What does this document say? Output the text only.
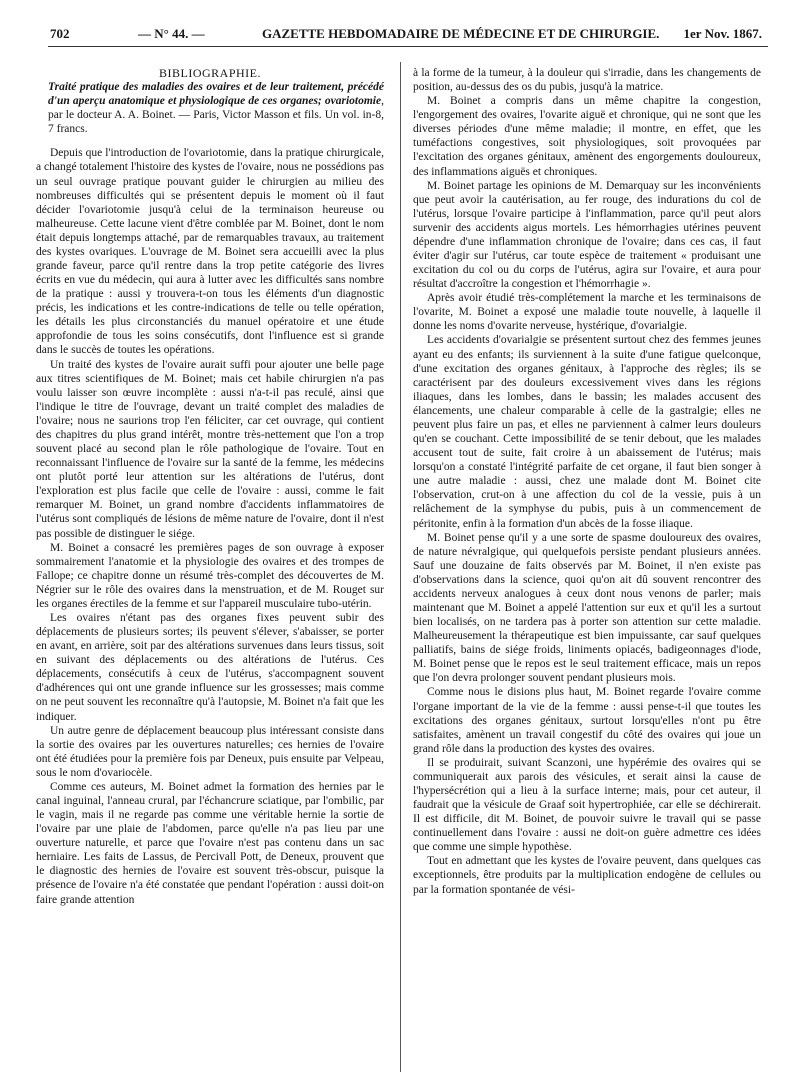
702	— N° 44. —	GAZETTE HEBDOMADAIRE DE MÉDECINE ET DE CHIRURGIE. 1er Nov. 1867.

BIBLIOGRAPHIE.

Traité pratique des maladies des ovaires et de leur traitement, précédé d'un aperçu anatomique et physiologique de ces organes; ovariotomie, par le docteur A. A. Boinet. — Paris, Victor Masson et fils. Un vol. in-8, 7 francs.

Depuis que l'introduction de l'ovariotomie, dans la pratique chirurgicale, a changé totalement l'histoire des kystes de l'ovaire, nous ne possédions pas un seul ouvrage pratique pouvant guider le chirurgien au milieu des nombreuses difficultés qui se présentent depuis le moment où il faut décider l'ovariotomie jusqu'à celui de la terminaison heureuse ou malheureuse. Cette lacune vient d'être comblée par M. Boinet, dont le nom était depuis longtemps attaché, par de remarquables travaux, au traitement des kystes ovariques. L'ouvrage de M. Boinet sera accueilli avec la plus grande faveur, parce qu'il rentre dans la trop petite catégorie des livres écrits en vue du médecin, qui aura à lutter avec les difficultés sans nombre de la pratique : aussi y trouvera-t-on tous les éléments d'un diagnostic précis, les indications et les contre-indications de telle ou telle opération, les détails les plus circonstanciés du manuel opératoire et une étude approfondie de tous les soins consécutifs, dont l'influence est si grande dans le succès de toutes les opérations.

Un traité des kystes de l'ovaire aurait suffi pour ajouter une belle page aux titres scientifiques de M. Boinet; mais cet habile chirurgien n'a pas voulu laisser son œuvre incomplète : aussi n'a-t-il pas reculé, ainsi que l'indique le titre de l'ouvrage, devant un traité complet des maladies de l'ovaire; nous ne saurions trop l'en féliciter, car cet ouvrage, qui contient des chapitres du plus grand intérêt, montre très-nettement que l'on a trop souvent placé au second plan le rôle pathologique de l'ovaire. Tout en reconnaissant l'influence de l'ovaire sur la santé de la femme, les médecins ont plutôt porté leur attention sur les altérations de l'utérus, dont l'exploration est plus facile que celle de l'ovaire : aussi, comme le fait remarquer M. Boinet, un grand nombre d'accidents inflammatoires de l'utérus sont compliqués de lésions de même nature de l'ovaire, dont il n'est pas possible de distinguer le siége.

M. Boinet a consacré les premières pages de son ouvrage à exposer sommairement l'anatomie et la physiologie des ovaires et des trompes de Fallope; ce chapitre donne un résumé très-complet des découvertes de M. Négrier sur le rôle des ovaires dans la menstruation, et de M. Rouget sur les organes érectiles de la femme et sur l'appareil musculaire tubo-utérin.

Les ovaires n'étant pas des organes fixes peuvent subir des déplacements de plusieurs sortes; ils peuvent s'élever, s'abaisser, se porter en avant, en arrière, soit par des altérations survenues dans leurs tissus, soit en suivant des déplacements ou des altérations de l'utérus. Ces déplacements, consécutifs à ceux de l'utérus, s'accompagnent souvent d'adhérences qui ont une grande influence sur les grossesses; mais comme on ne peut souvent les reconnaître qu'à l'autopsie, M. Boinet n'a fait que les indiquer.

Un autre genre de déplacement beaucoup plus intéressant consiste dans la sortie des ovaires par les ouvertures naturelles; ces hernies de l'ovaire ont été étudiées pour la première fois par Deneux, puis ensuite par Velpeau, sous le nom d'ovariocèle.

Comme ces auteurs, M. Boinet admet la formation des hernies par le canal inguinal, l'anneau crural, par l'échancrure sciatique, par l'ombilic, par le vagin, mais il ne regarde pas comme une véritable hernie la sortie de l'ovaire par une plaie de l'abdomen, parce qu'elle n'a pas lieu par une ouverture naturelle, et parce que l'ovaire n'est pas contenu dans un sac herniaire. Les faits de Lassus, de Percivall Pott, de Deneux, prouvent que le diagnostic des hernies de l'ovaire est souvent très-obscur, puisque la présence de l'ovaire n'a été constatée que pendant l'opération : aussi doit-on faire grande attention

à la forme de la tumeur, à la douleur qui s'irradie, dans les changements de position, au-dessus des os du pubis, jusqu'à la matrice.

M. Boinet a compris dans un même chapitre la congestion, l'engorgement des ovaires, l'ovarite aiguë et chronique, qui ne sont que les diverses périodes d'une même maladie; il montre, en effet, que les tuméfactions congestives, soit physiologiques, soit provoquées par l'excitation des organes génitaux, amènent des engorgements douloureux, des inflammations aiguës et chroniques.

M. Boinet partage les opinions de M. Demarquay sur les inconvénients que peut avoir la cautérisation, au fer rouge, des indurations du col de l'utérus, lorsque l'ovaire participe à l'inflammation, parce qu'il peut alors survenir des accidents aigus mortels. Les hémorrhagies utérines peuvent dépendre d'une inflammation chronique de l'ovaire; dans ces cas, il faut éviter d'agir sur l'utérus, car toute espèce de traitement « produisant une excitation du col ou du corps de l'utérus, agira sur l'ovaire, et aura pour résultat d'accroître la congestion et l'hémorrhagie ».

Après avoir étudié très-complétement la marche et les terminaisons de l'ovarite, M. Boinet a exposé une maladie toute nouvelle, à laquelle il donne les noms d'ovarite nerveuse, hystérique, d'ovarialgie.

Les accidents d'ovarialgie se présentent surtout chez des femmes jeunes ayant eu des enfants; ils surviennent à la suite d'une fatigue quelconque, d'une excitation des organes génitaux, à l'approche des règles; ils se caractérisent par des douleurs excessivement vives dans les régions iliaques, dans les lombes, dans le bassin; les malades accusent des élancements, une chaleur comparable à celle de la gastralgie; elles ne peuvent plus faire un pas, et elles ne parviennent à calmer leurs douleurs qu'en se couchant. Cette impossibilité de se tenir debout, que les malades accusent tout de suite, fait croire à un abaissement de l'utérus; mais lorsqu'on a constaté l'intégrité parfaite de cet organe, il faut bien songer à une autre maladie : aussi, chez une malade dont M. Boinet cite l'observation, crut-on à une affection du col de la vessie, puis à un relâchement de la symphyse du pubis, puis à un commencement de péritonite, enfin à la formation d'un abcès de la fosse iliaque.

M. Boinet pense qu'il y a une sorte de spasme douloureux des ovaires, de nature névralgique, qui quelquefois persiste pendant plusieurs années. Sauf une douzaine de faits observés par M. Boinet, il n'en existe pas d'observations dans la science, quoi qu'on ait dû souvent rencontrer des accidents nerveux analogues à ceux dont nous venons de parler; mais maintenant que M. Boinet a appelé l'attention sur eux et qu'il les a surtout bien localisés, on ne tardera pas à porter son attention sur cette maladie. Malheureusement la thérapeutique est bien impuissante, car sauf quelques palliatifs, bains de siége froids, liniments opiacés, badigeonnages d'iode, M. Boinet pense que le repos est le seul traitement efficace, mais un repos que l'on devra prolonger souvent pendant plusieurs mois.

Comme nous le disions plus haut, M. Boinet regarde l'ovaire comme l'organe important de la vie de la femme : aussi pense-t-il que toutes les excitations des organes génitaux, surtout lorsqu'elles n'ont pu être satisfaites, amènent un travail congestif du côté des ovaires qui joue un grand rôle dans la production des kystes des ovaires.

Il se produirait, suivant Scanzoni, une hypérémie des ovaires qui se communiquerait aux parois des vésicules, et serait ainsi la cause de l'hypersécrétion qui a lieu à la surface interne; mais, pour cet auteur, il faudrait que la vésicule de Graaf soit hypertrophiée, car elle se déchirerait. Il est difficile, dit M. Boinet, de pouvoir suivre le travail qui se passe continuellement dans l'ovaire : aussi ne doit-on guère admettre ces idées que comme une simple hypothèse.

Tout en admettant que les kystes de l'ovaire peuvent, dans quelques cas exceptionnels, être produits par la multiplication endogène de cellules ou par la formation spontanée de vési-
